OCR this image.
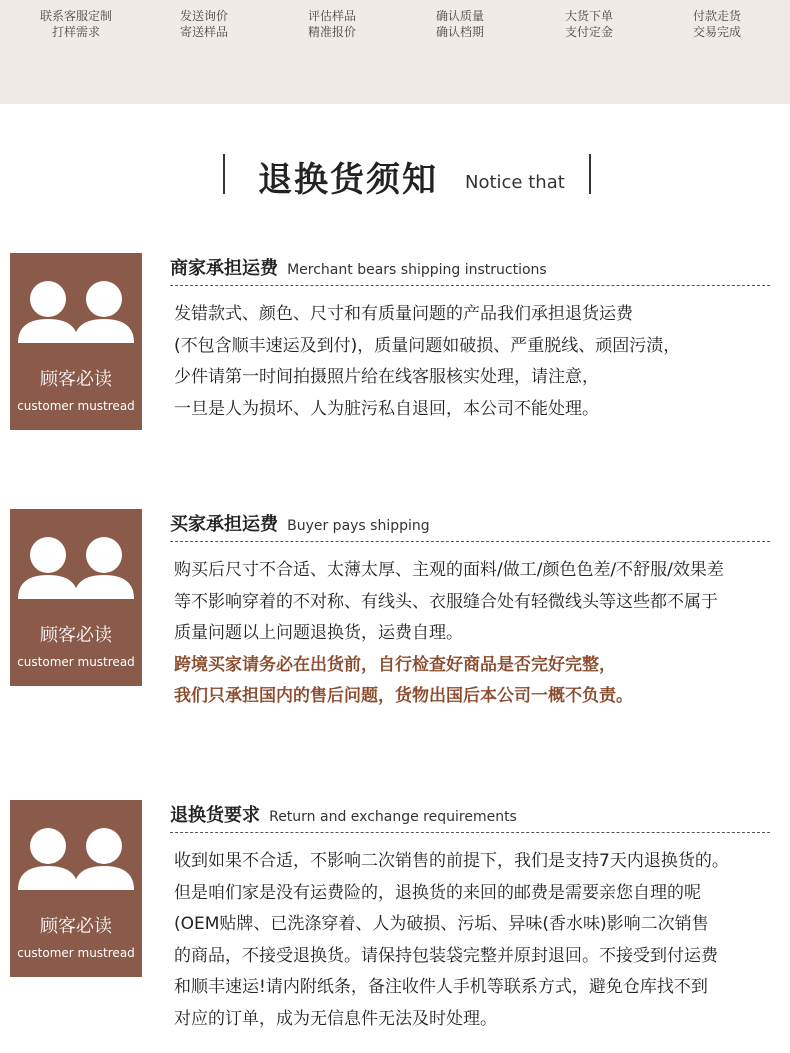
联系客服定制
打样需求
发送询价
寄送样品
评估样品
精准报价
确认质量
确认档期
大货下单
支付定金
付款走货
交易完成
退换货须知 Notice that
顾客必读
customer mustread
商家承担运费 Merchant bears shipping instructions
发错款式、颜色、尺寸和有质量问题的产品我们承担退货运费
(不包含顺丰速运及到付)，质量问题如破损、严重脱线、顽固污渍，
少件请第一时间拍摄照片给在线客服核实处理，请注意，
一旦是人为损坏、人为脏污私自退回，本公司不能处理。
顾客必读
customer mustread
买家承担运费 Buyer pays shipping
购买后尺寸不合适、太薄太厚、主观的面料/做工/颜色色差/不舒服/效果差
等不影响穿着的不对称、有线头、衣服缝合处有轻微线头等这些都不属于
质量问题以上问题退换货，运费自理。
跨境买家请务必在出货前，自行检查好商品是否完好完整，
我们只承担国内的售后问题，货物出国后本公司一概不负责。
顾客必读
customer mustread
退换货要求 Return and exchange requirements
收到如果不合适，不影响二次销售的前提下，我们是支持7天内退换货的。
但是咱们家是没有运费险的，退换货的来回的邮费是需要亲您自理的呢
(OEM贴牌、已洗涤穿着、人为破损、污垢、异味(香水味)影响二次销售
的商品，不接受退换货。请保持包装袋完整并原封退回。不接受到付运费
和顺丰速运!请内附纸条，备注收件人手机等联系方式，避免仓库找不到
对应的订单，成为无信息件无法及时处理。
